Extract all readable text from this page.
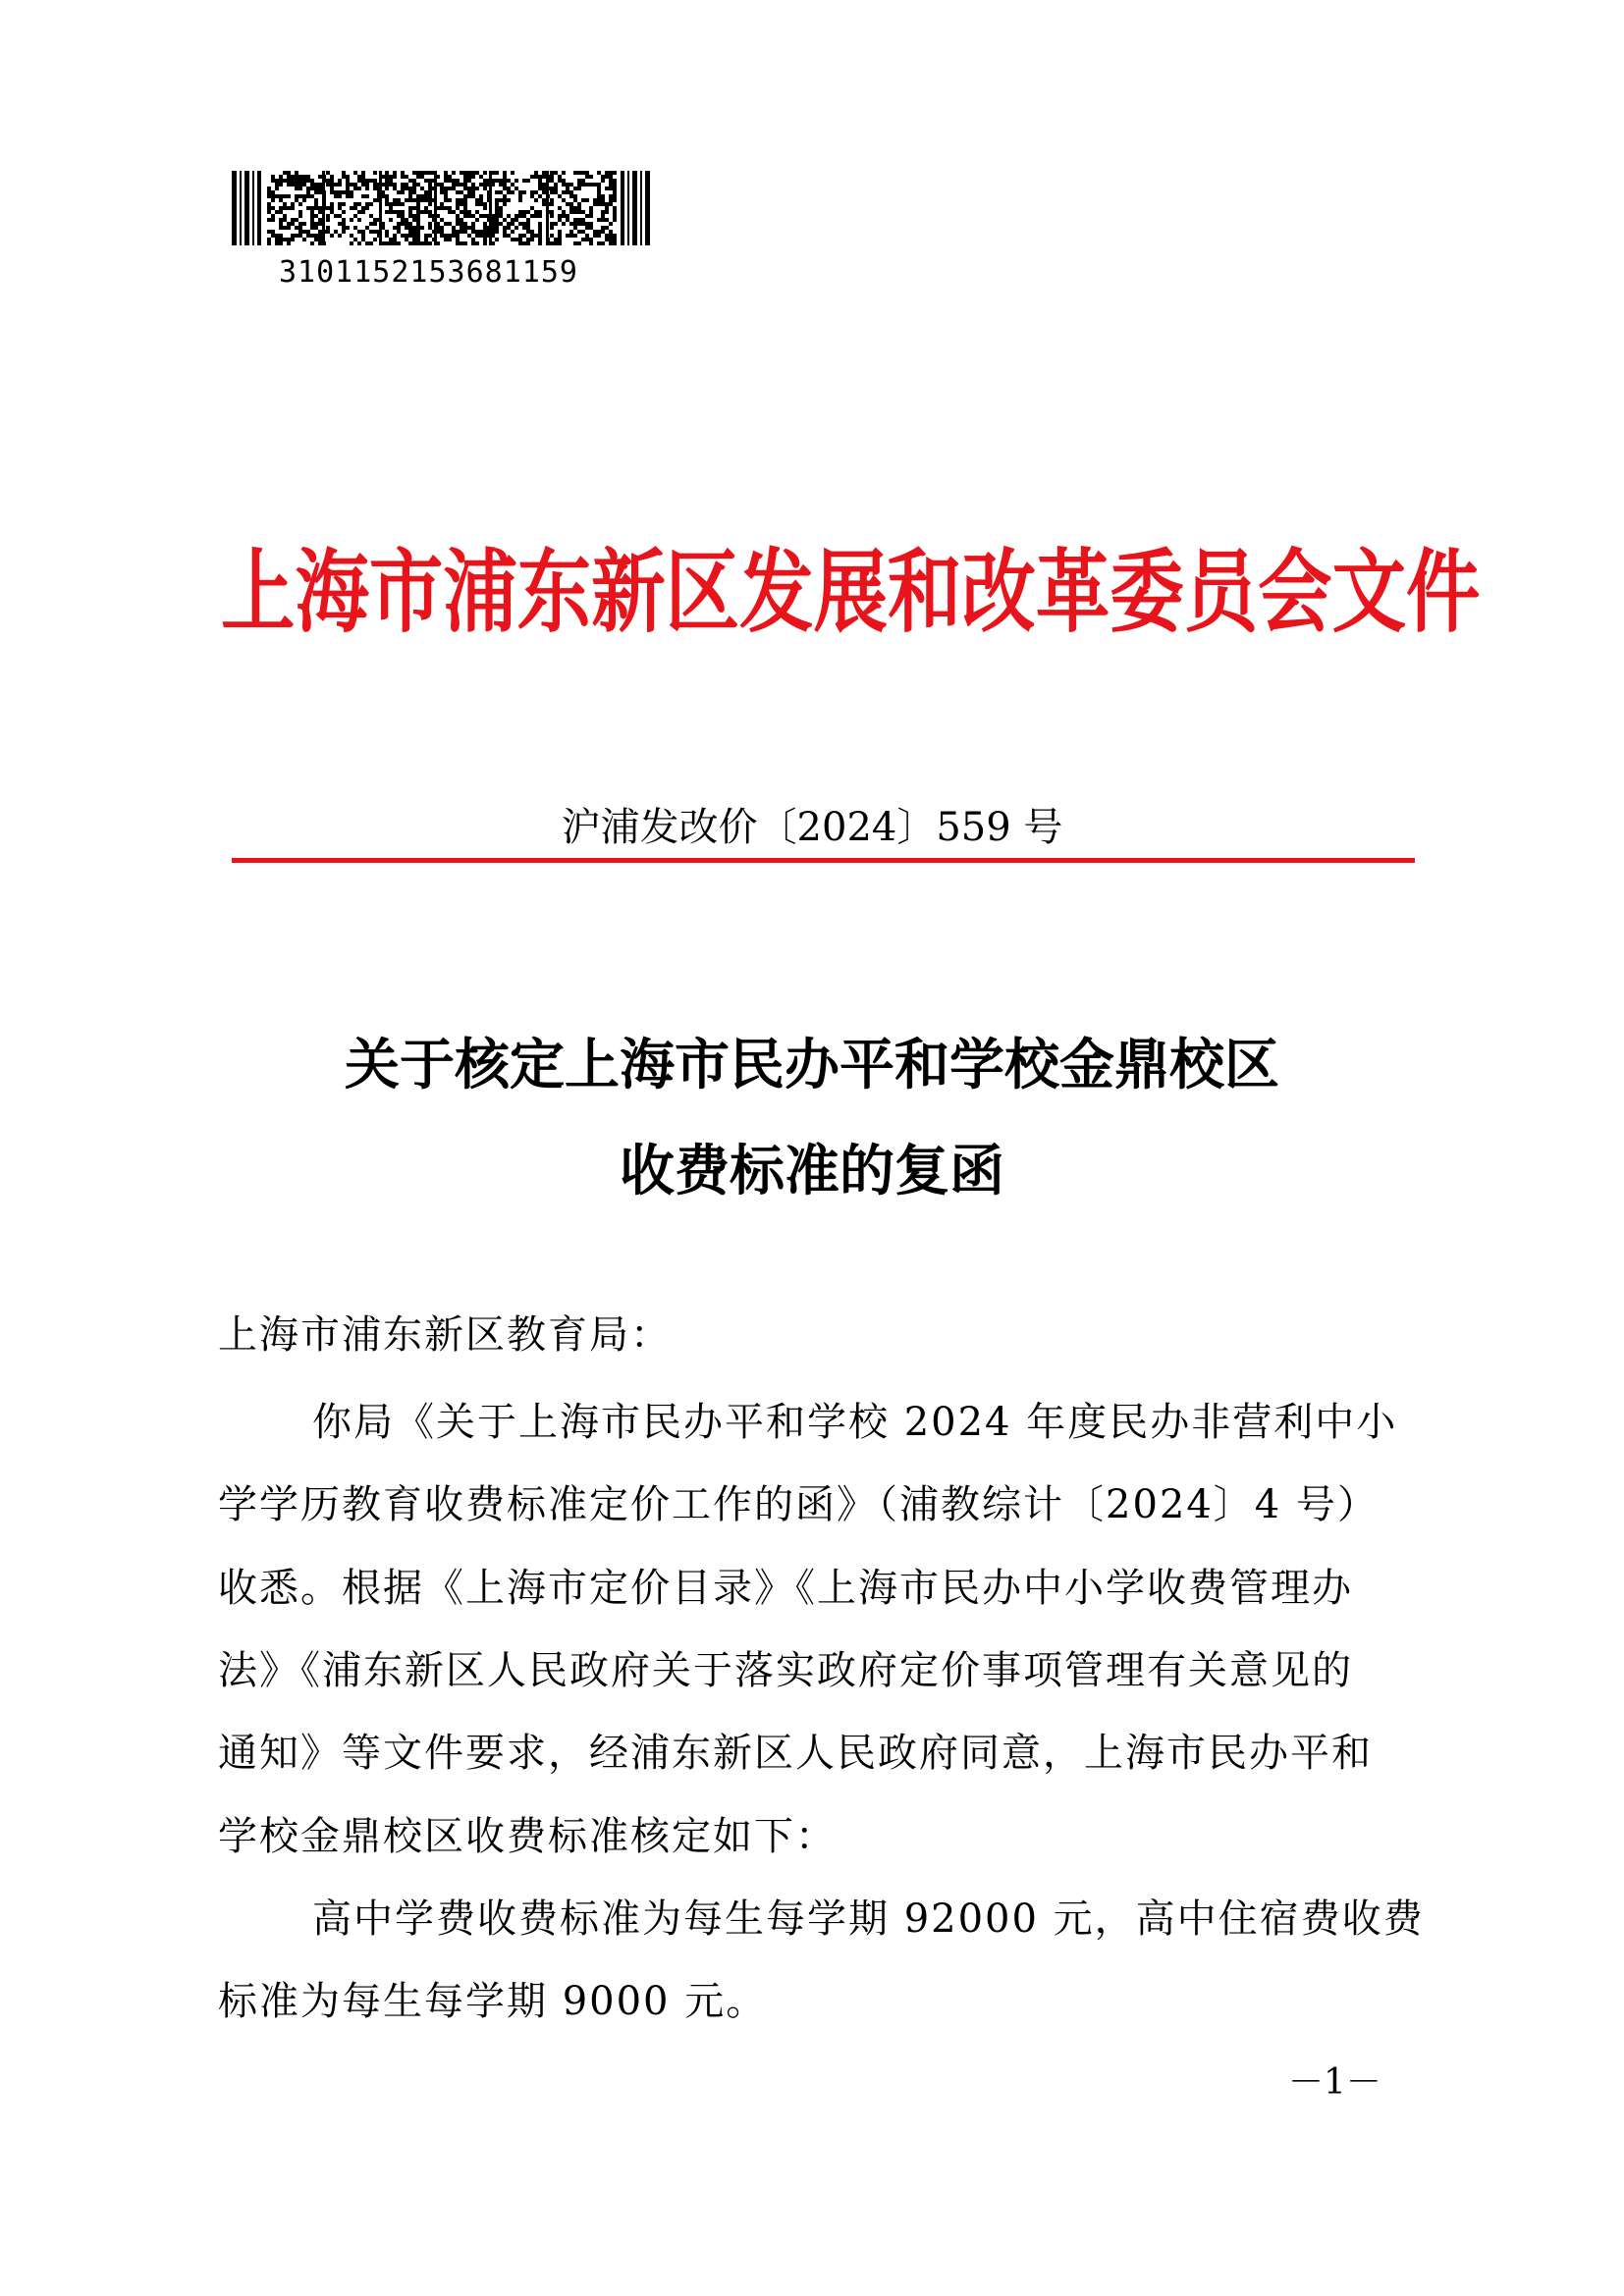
3101152153681159
上海市浦东新区发展和改革委员会文件
沪浦发改价〔2024〕559 号
关于核定上海市民办平和学校金鼎校区
收费标准的复函
上海市浦东新区教育局：
你局《关于上海市民办平和学校 2024 年度民办非营利中小
学学历教育收费标准定价工作的函》（浦教综计〔2024〕4 号）
收悉。根据《上海市定价目录》《上海市民办中小学收费管理办
法》《浦东新区人民政府关于落实政府定价事项管理有关意见的
通知》等文件要求，经浦东新区人民政府同意，上海市民办平和
学校金鼎校区收费标准核定如下：
高中学费收费标准为每生每学期 92000 元，高中住宿费收费
标准为每生每学期 9000 元。
－1－
